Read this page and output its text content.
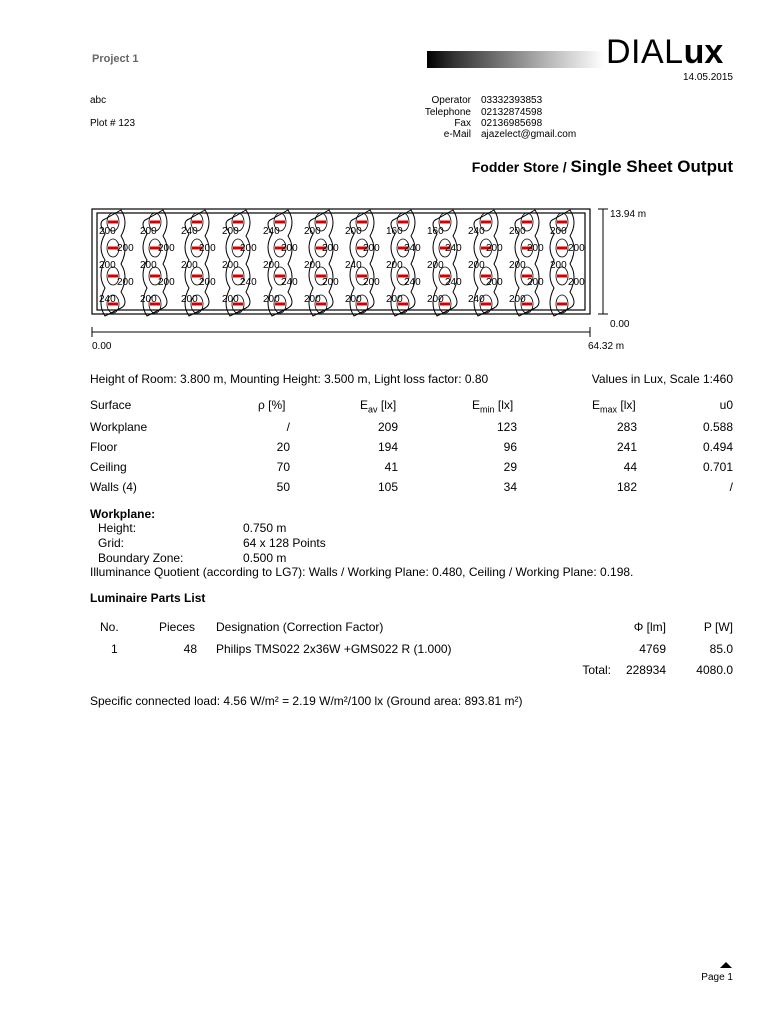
Project 1	DIALux
14.05.2015
abc
Plot # 123
Operator 03332393853
Telephone 02132874598
Fax 02136985698
e-Mail ajazelect@gmail.com
Fodder Store / Single Sheet Output
200 200 240 200 240 200 200 160 160 240 200 200
200 200 200 200 200 200 200 240 240 200 200 200
200 200 200 200 200 200 240 200 200 200 200 200
200 200 200 240 240 200 200 240 240 200 200 200
240 200 200 200 200 200 200 200 200 240 200
13.94 m
0.00
0.00	64.32 m
Height of Room: 3.800 m, Mounting Height: 3.500 m, Light loss factor: 0.80	Values in Lux, Scale 1:460
Surface	ρ [%]	$E_{av}$ [lx]	$E_{min}$ [lx]	$E_{max}$ [lx]	u0
Workplane	/	209	123	283	0.588
Floor	20	194	96	241	0.494
Ceiling	70	41	29	44	0.701
Walls (4)	50	105	34	182	/
Workplane:
Height:	0.750 m
Grid:	64 x 128 Points
Boundary Zone:	0.500 m
Illuminance Quotient (according to LG7): Walls / Working Plane: 0.480, Ceiling / Working Plane: 0.198.
Luminaire Parts List
No.	Pieces Designation (Correction Factor)	Φ [lm]	P [W]
1	48 Philips TMS022 2x36W +GMS022 R (1.000)	4769	85.0
Total: 228934	4080.0
Specific connected load: 4.56 W/m² = 2.19 W/m²/100 lx (Ground area: 893.81 m²)
Page 1
